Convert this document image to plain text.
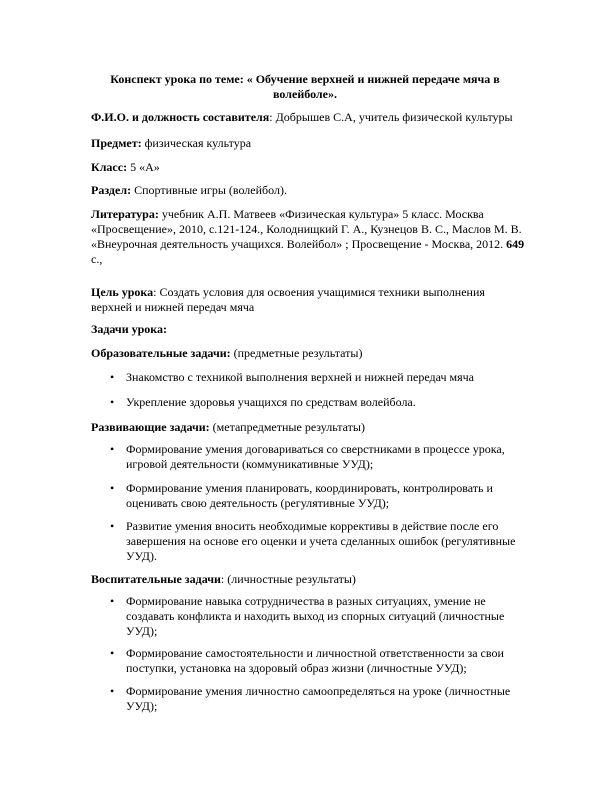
Конспект урока по теме: « Обучение верхней и нижней передаче мяча в волейболе».
Ф.И.О. и должность составителя: Добрышев С.А, учитель физической культуры
Предмет: физическая культура
Класс: 5 «А»
Раздел: Спортивные игры (волейбол).
Литература: учебник А.П. Матвеев «Физическая культура» 5 класс. Москва «Просвещение», 2010, с.121-124., Колоднищкий Г. А., Кузнецов В. С., Маслов М. В. «Внеурочная деятельность учащихся. Волейбол» ; Просвещение - Москва, 2012. 649 с.,
Цель урока: Создать условия для освоения учащимися техники выполнения верхней и нижней передач мяча
Задачи урока:
Образовательные задачи: (предметные результаты)
• Знакомство с техникой выполнения верхней и нижней передач мяча
• Укрепление здоровья учащихся по средствам волейбола.
Развивающие задачи: (метапредметные результаты)
• Формирование умения договариваться со сверстниками в процессе урока, игровой деятельности (коммуникативные УУД);
• Формирование умения планировать, координировать, контролировать и оценивать свою деятельность (регулятивные УУД);
• Развитие умения вносить необходимые коррективы в действие после его завершения на основе его оценки и учета сделанных ошибок (регулятивные УУД).
Воспитательные задачи: (личностные результаты)
• Формирование навыка сотрудничества в разных ситуациях, умение не создавать конфликта и находить выход из спорных ситуаций (личностные УУД);
• Формирование самостоятельности и личностной ответственности за свои поступки, установка на здоровый образ жизни (личностные УУД);
• Формирование умения личностно самоопределяться на уроке (личностные УУД);
